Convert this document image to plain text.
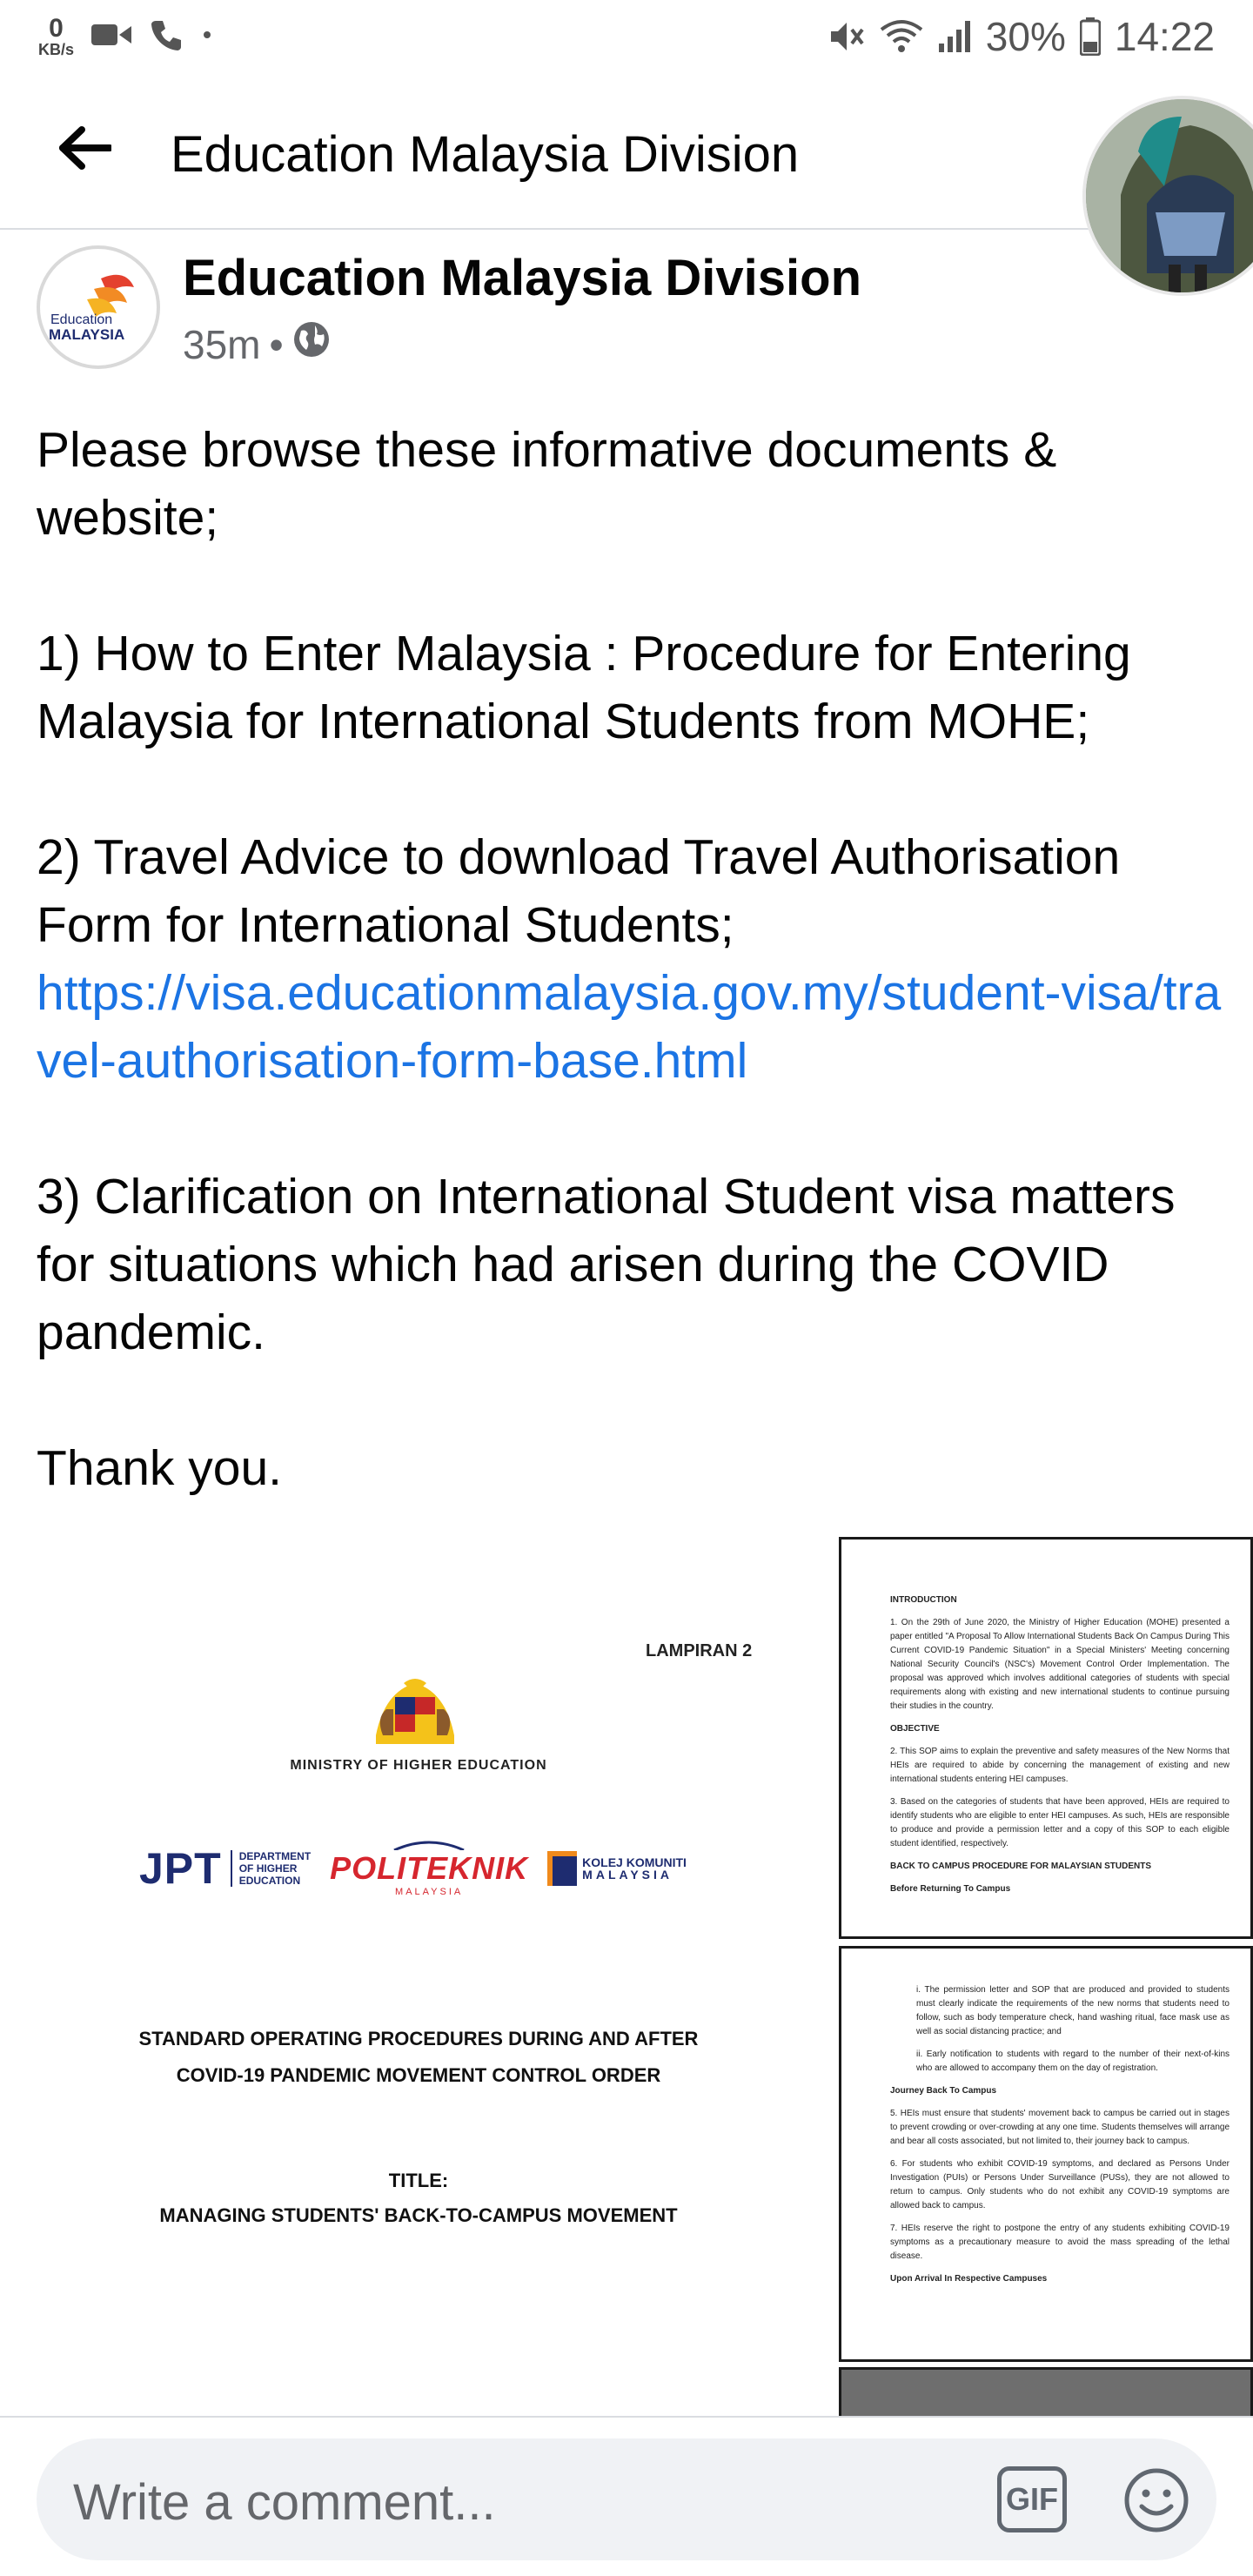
0
KB/s	30% 14:22
Education Malaysia Division
Education
MALAYSIA
Education Malaysia Division
35m •

Please browse these informative documents & website;

1) How to Enter Malaysia : Procedure for Entering Malaysia for International Students from MOHE;

2) Travel Advice to download Travel Authorisation Form for International Students;

https://visa.educationmalaysia.gov.my/student-visa/travel-authorisation-form-base.html

3) Clarification on International Student visa matters for situations which had arisen during the COVID pandemic.

Thank you.

LAMPIRAN 2
MINISTRY OF HIGHER EDUCATION
JPT DEPARTMENT
OF HIGHER
EDUCATION POLITEKNIK
MALAYSIA
KOLEJ KOMUNITI
MALAYSIA
STANDARD OPERATING PROCEDURES DURING AND AFTER
COVID-19 PANDEMIC MOVEMENT CONTROL ORDER
TITLE:
MANAGING STUDENTS' BACK-TO-CAMPUS MOVEMENT
INTRODUCTION
1. On the 29th of June 2020, the Ministry of Higher Education (MOHE) presented a paper entitled "A Proposal To Allow International Students Back On Campus During This Current COVID-19 Pandemic Situation" in a Special Ministers' Meeting concerning National Security Council's (NSC's) Movement Control Order Implementation. The proposal was approved which involves additional categories of students with special requirements along with existing and new international students to continue pursuing their studies in the country.
OBJECTIVE
2. This SOP aims to explain the preventive and safety measures of the New Norms that HEIs are required to abide by concerning the management of existing and new international students entering HEI campuses.
3. Based on the categories of students that have been approved, HEIs are required to identify students who are eligible to enter HEI campuses. As such, HEIs are responsible to produce and provide a permission letter and a copy of this SOP to each eligible student identified, respectively.
BACK TO CAMPUS PROCEDURE FOR MALAYSIAN STUDENTS
Before Returning To Campus
i. The permission letter and SOP that are produced and provided to students must clearly indicate the requirements of the new norms that students need to follow, such as body temperature check, hand washing ritual, face mask use as well as social distancing practice; and
ii. Early notification to students with regard to the number of their next-of-kins who are allowed to accompany them on the day of registration.
Journey Back To Campus
5. HEIs must ensure that students' movement back to campus be carried out in stages to prevent crowding or over-crowding at any one time. Students themselves will arrange and bear all costs associated, but not limited to, their journey back to campus.
6. For students who exhibit COVID-19 symptoms, and declared as Persons Under Investigation (PUIs) or Persons Under Surveillance (PUSs), they are not allowed to return to campus. Only students who do not exhibit any COVID-19 symptoms are allowed back to campus.
7. HEIs reserve the right to postpone the entry of any students exhibiting COVID-19 symptoms as a precautionary measure to avoid the mass spreading of the lethal disease.
Upon Arrival In Respective Campuses
Write a comment...	GIF
